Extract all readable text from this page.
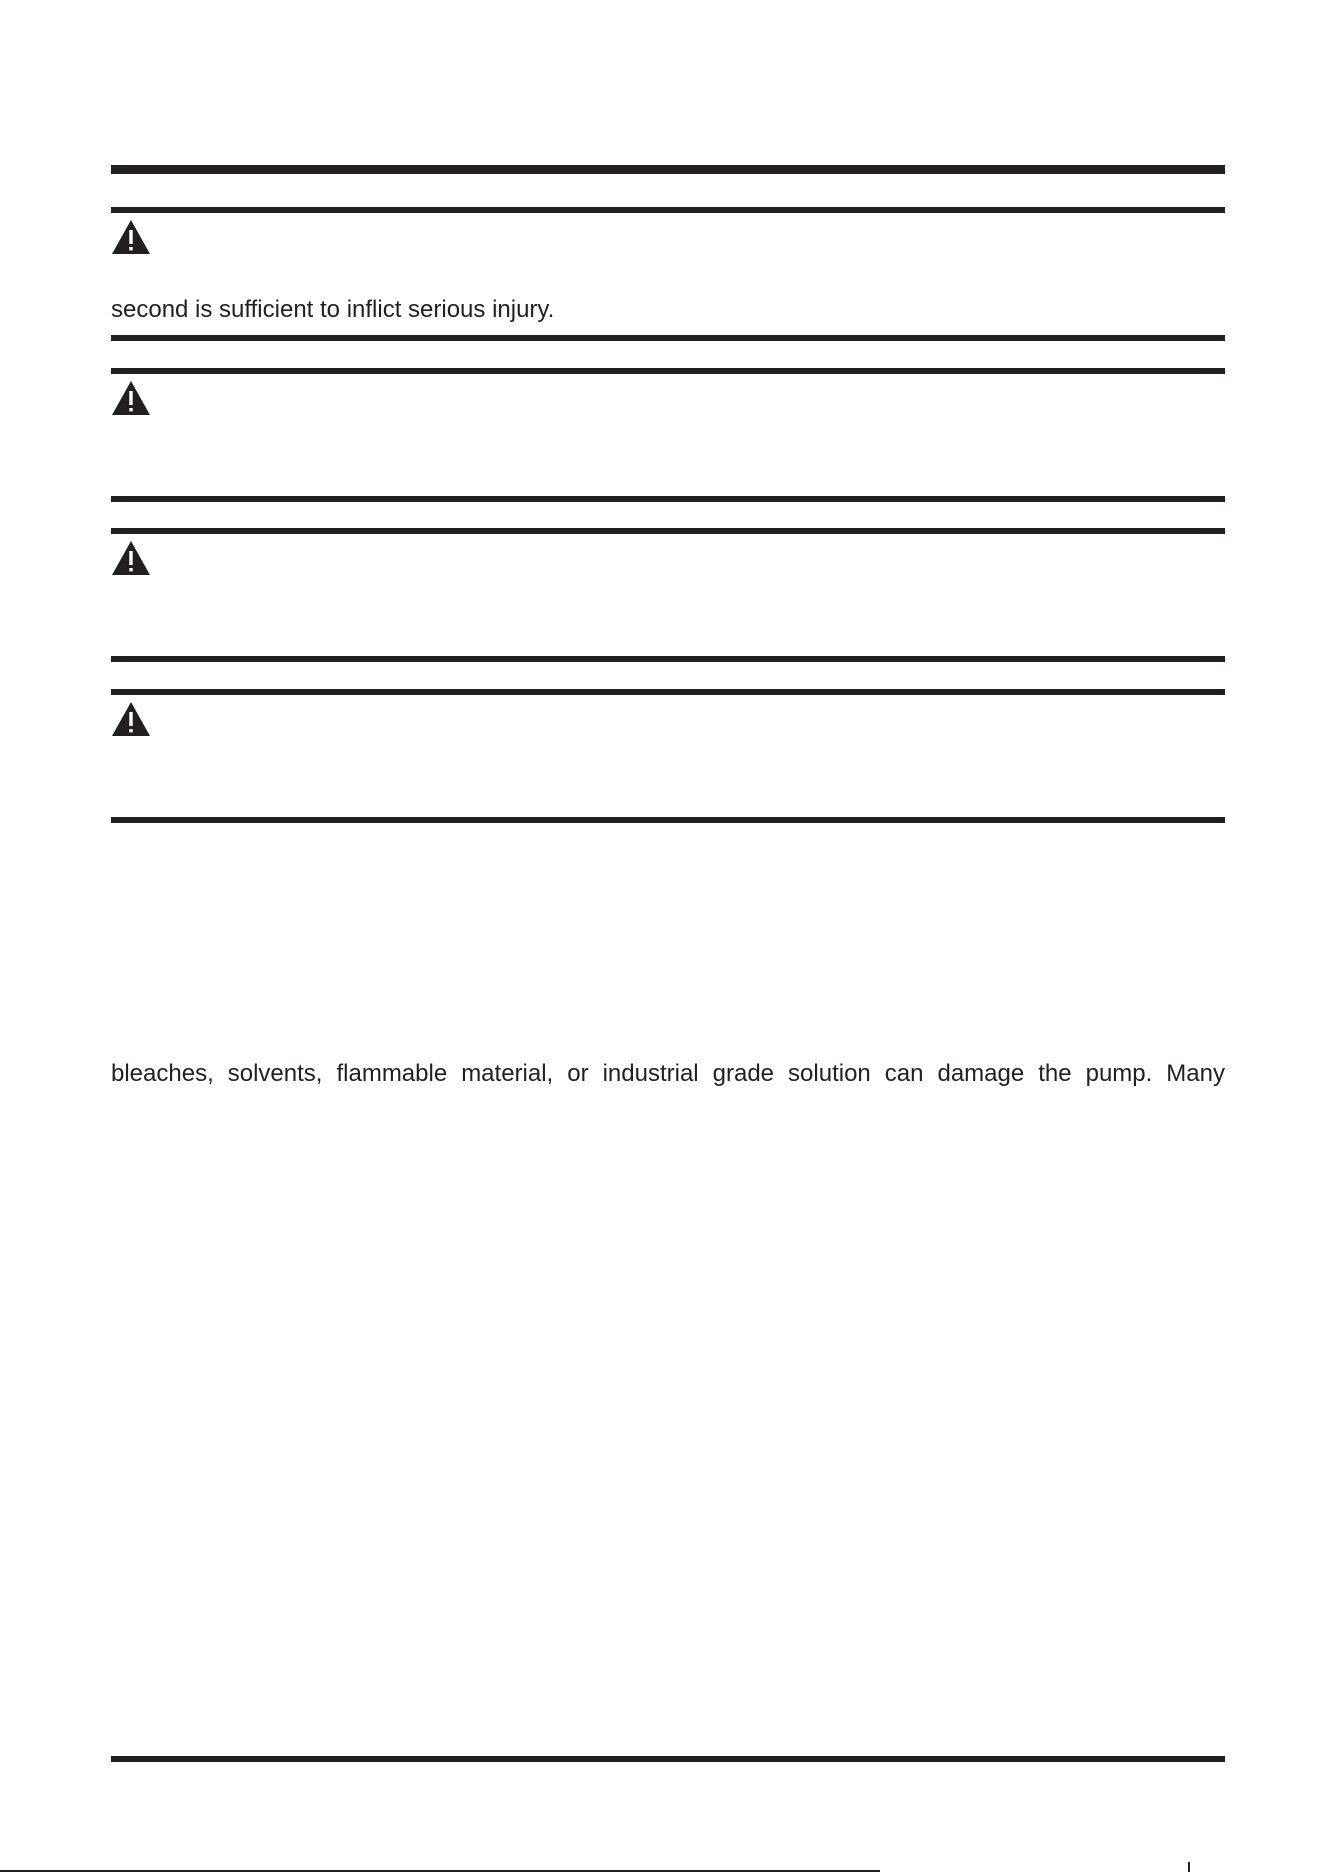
second is sufficient to inflict serious injury.
bleaches, solvents, flammable material, or industrial grade solution can damage the pump. Many
